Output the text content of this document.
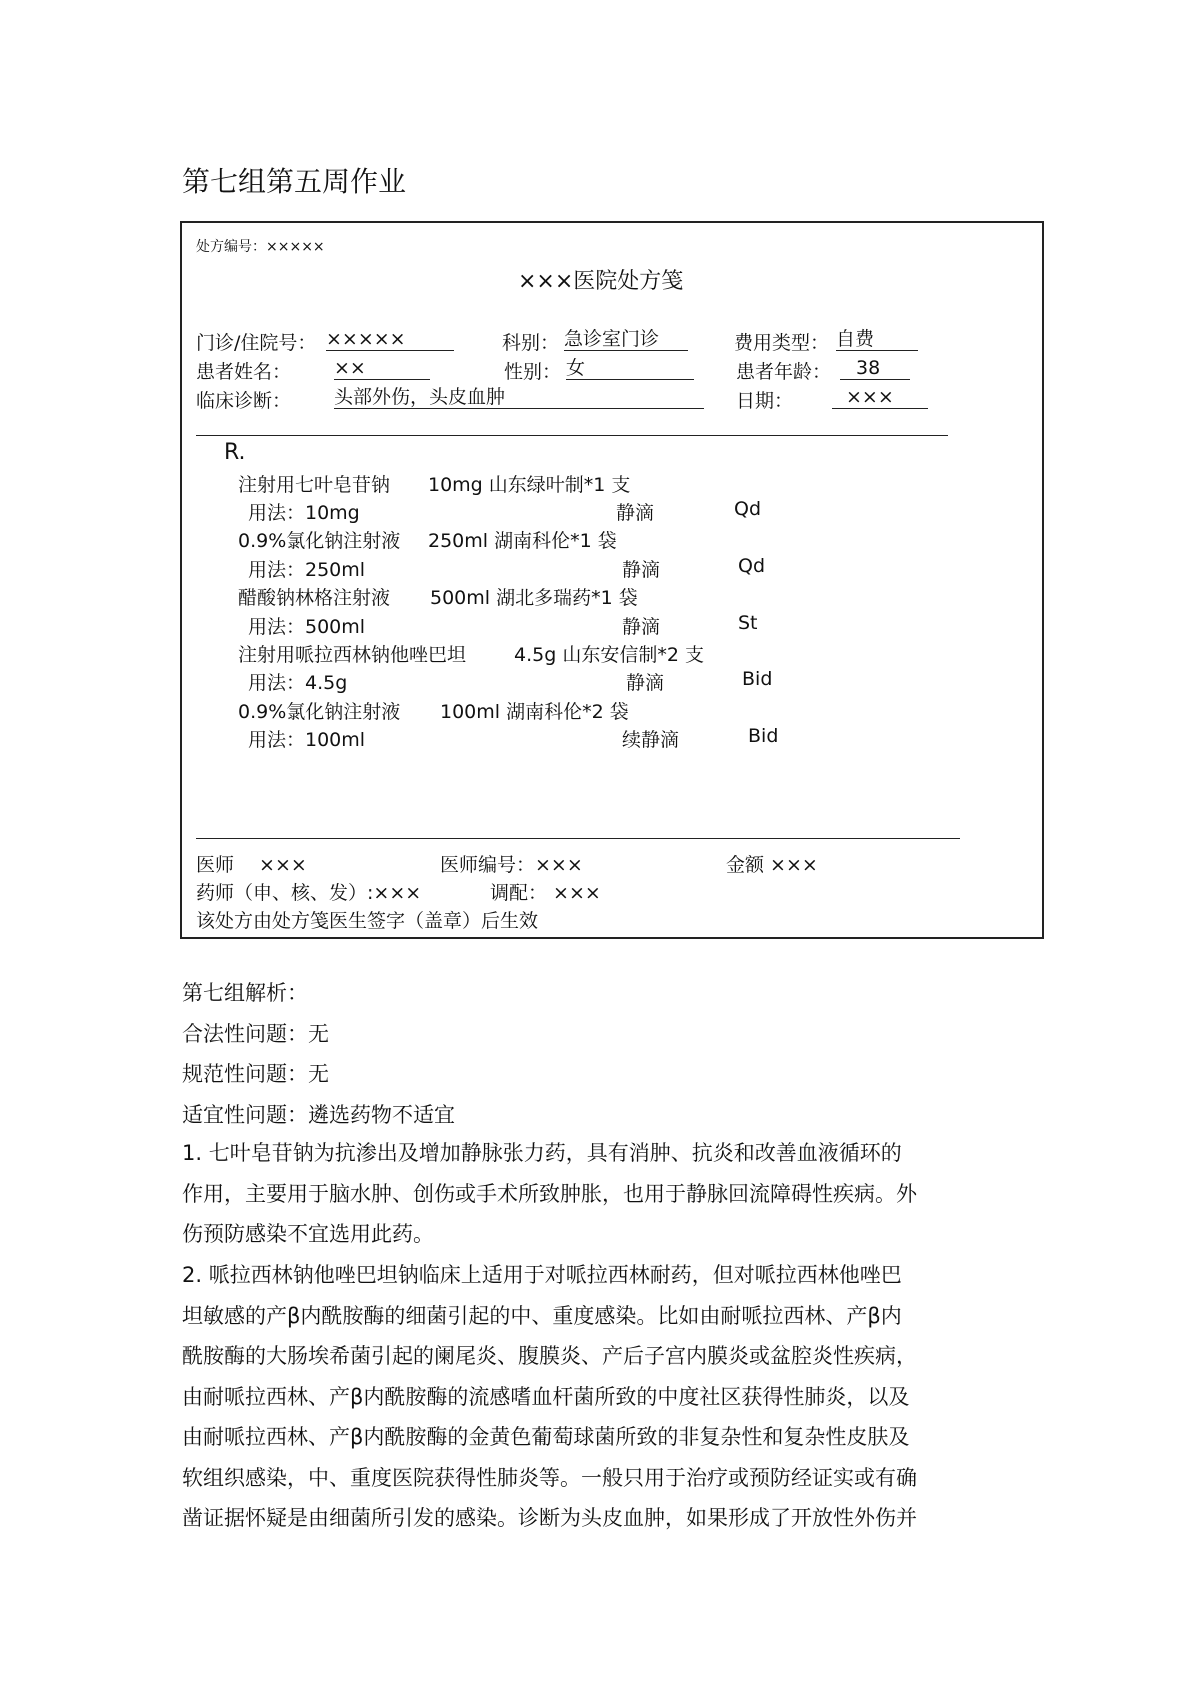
第七组第五周作业
处方编号：×××××
×××医院处方笺
门诊/住院号： ×××××	科别： 急诊室门诊	费用类型： 自费
患者姓名： ××	性别： 女	患者年龄：	38
临床诊断： 头部外伤，头皮血肿	日期：	×××
R.
注射用七叶皂苷钠 10mg 山东绿叶制*1 支
用法：10mg	静滴	Qd
0.9%氯化钠注射液 250ml 湖南科伦*1 袋
用法：250ml	静滴	Qd
醋酸钠林格注射液 500ml 湖北多瑞药*1 袋
用法：500ml	静滴	St
注射用哌拉西林钠他唑巴坦	4.5g 山东安信制*2 支
用法：4.5g	静滴	Bid
0.9%氯化钠注射液 100ml 湖南科伦*2 袋
用法：100ml	续静滴	Bid
医师　 ×××	医师编号：×××	金额 ×××
药师（申、核、发）:×××	调配： ×××
该处方由处方笺医生签字（盖章）后生效
第七组解析：
合法性问题：无
规范性问题：无
适宜性问题：遴选药物不适宜
1. 七叶皂苷钠为抗渗出及增加静脉张力药，具有消肿、抗炎和改善血液循环的
作用，主要用于脑水肿、创伤或手术所致肿胀，也用于静脉回流障碍性疾病。外
伤预防感染不宜选用此药。
2. 哌拉西林钠他唑巴坦钠临床上适用于对哌拉西林耐药，但对哌拉西林他唑巴
坦敏感的产β内酰胺酶的细菌引起的中、重度感染。比如由耐哌拉西林、产β内
酰胺酶的大肠埃希菌引起的阑尾炎、腹膜炎、产后子宫内膜炎或盆腔炎性疾病，
由耐哌拉西林、产β内酰胺酶的流感嗜血杆菌所致的中度社区获得性肺炎，以及
由耐哌拉西林、产β内酰胺酶的金黄色葡萄球菌所致的非复杂性和复杂性皮肤及
软组织感染，中、重度医院获得性肺炎等。一般只用于治疗或预防经证实或有确
凿证据怀疑是由细菌所引发的感染。诊断为头皮血肿，如果形成了开放性外伤并
